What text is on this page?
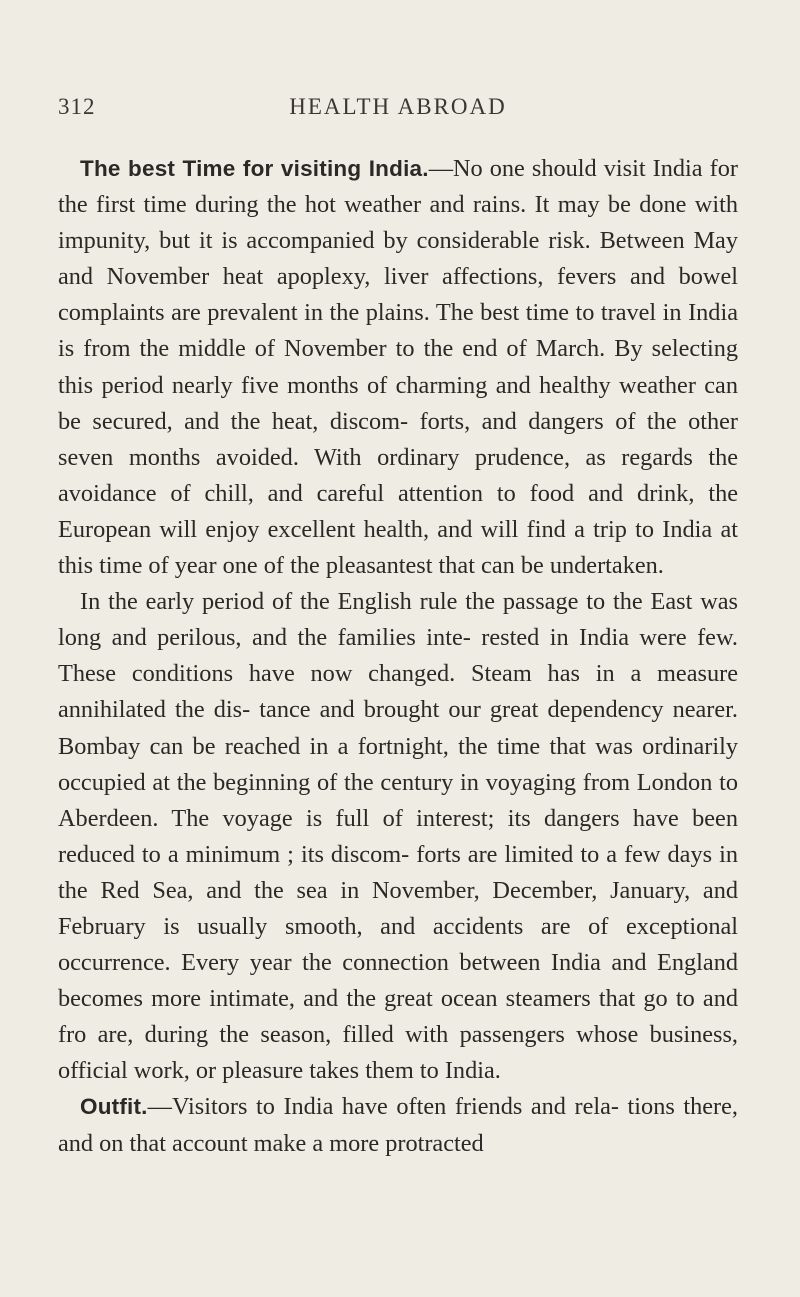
312	HEALTH ABROAD

The best Time for visiting India.—No one should visit India for the first time during the hot weather and rains. It may be done with impunity, but it is accompanied by considerable risk. Between May and November heat apoplexy, liver affections, fevers and bowel complaints are prevalent in the plains. The best time to travel in India is from the middle of November to the end of March. By selecting this period nearly five months of charming and healthy weather can be secured, and the heat, discom- forts, and dangers of the other seven months avoided. With ordinary prudence, as regards the avoidance of chill, and careful attention to food and drink, the European will enjoy excellent health, and will find a trip to India at this time of year one of the pleasantest that can be undertaken.

In the early period of the English rule the passage to the East was long and perilous, and the families inte- rested in India were few. These conditions have now changed. Steam has in a measure annihilated the dis- tance and brought our great dependency nearer. Bombay can be reached in a fortnight, the time that was ordinarily occupied at the beginning of the century in voyaging from London to Aberdeen. The voyage is full of interest; its dangers have been reduced to a minimum ; its discom- forts are limited to a few days in the Red Sea, and the sea in November, December, January, and February is usually smooth, and accidents are of exceptional occurrence. Every year the connection between India and England becomes more intimate, and the great ocean steamers that go to and fro are, during the season, filled with passengers whose business, official work, or pleasure takes them to India.

Outfit.—Visitors to India have often friends and rela- tions there, and on that account make a more protracted
